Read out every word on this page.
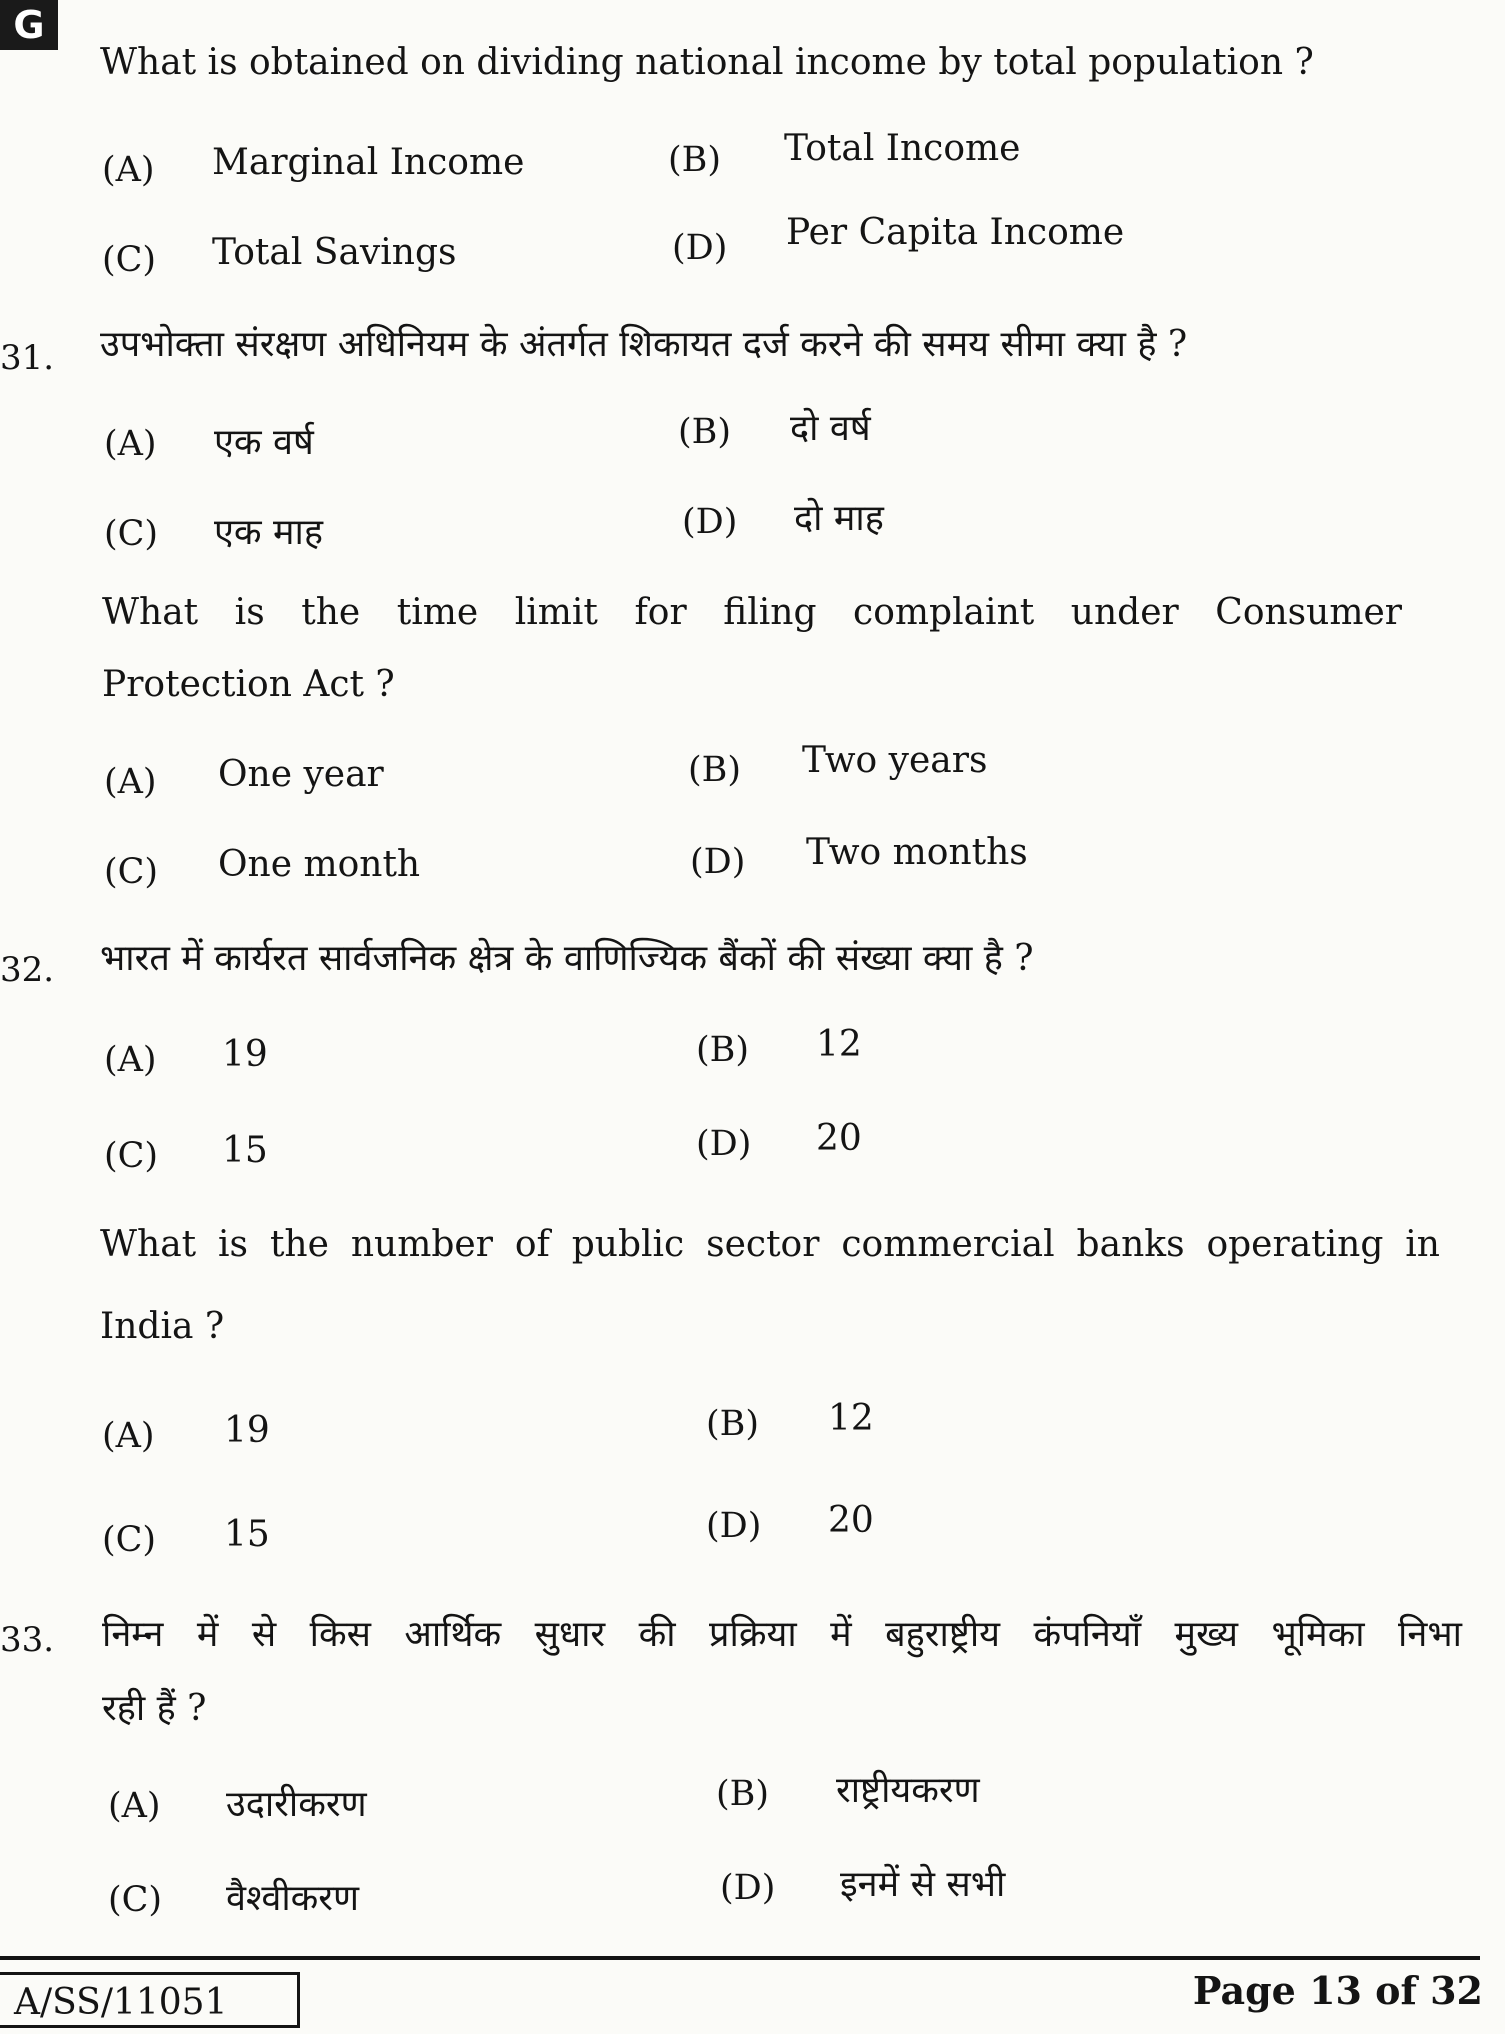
G
What is obtained on dividing national income by total population ?
(A) Marginal Income	(B) Total Income
(C) Total Savings	(D) Per Capita Income
31. उपभोक्ता संरक्षण अधिनियम के अंतर्गत शिकायत दर्ज करने की समय सीमा क्या है ?
(A) एक वर्ष	(B) दो वर्ष
(C) एक माह	(D) दो माह
What is the time limit for filing complaint under Consumer
Protection Act ?
(A) One year	(B) Two years
(C) One month	(D) Two months
32. भारत में कार्यरत सार्वजनिक क्षेत्र के वाणिज्यिक बैंकों की संख्या क्या है ?
(A) 19	(B) 12
(C) 15	(D) 20
What is the number of public sector commercial banks operating in
India ?
(A) 19	(B) 12
(C) 15	(D) 20
33. निम्न में से किस आर्थिक सुधार की प्रक्रिया में बहुराष्ट्रीय कंपनियाँ मुख्य भूमिका निभा
रही हैं ?
(A) उदारीकरण	(B) राष्ट्रीयकरण
(C) वैश्वीकरण	(D) इनमें से सभी
A/SS/11051	Page 13 of 32
